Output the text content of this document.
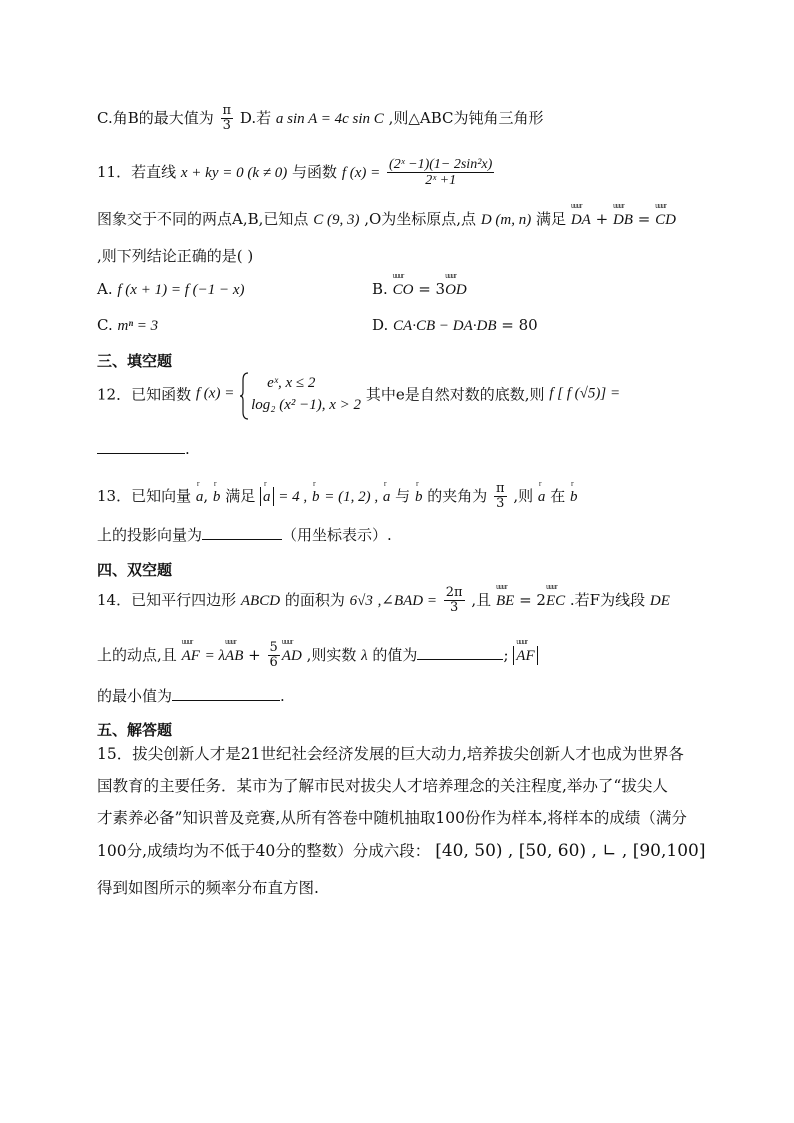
C.角B的最大值为 $\frac{\pi}{3} D$.若 a sin A = 4c sin C ,则△ABC为钝角三角形
11．若直线 x + ky = 0 (k ≠ 0) 与函数 f $(x) = \frac{\text{(2ˣ −1)(1− 2sin²x)}}{\text{2ˣ +1}}$
图象交于不同的两点A,B,已知点 C (9, 3) ,O为坐标原点,点 D (m, n) 满足 uuur DA + uuur DB = uuur CD
,则下列结论正确的是( )
A. f (x + 1) = f (−1 − x)	B. uuur CO = 3uuur OD
C. mⁿ = 3	D. CA·CB − DA·DB = 80
三、填空题
12．已知函数 f (x) =
eˣ, x ≤ 2
log₂ (x² −1), x > 2
其中e是自然对数的底数,则 f [ f (√5)] =
.
13．已知向量 r a, r b 满足 r a = 4 , r b = (1, 2) , r a 与 r b 的夹角为 $\frac{\pi}{3}$ ,则 r a 在 r b
上的投影向量为	（用坐标表示）.
四、双空题
14．已知平行四边形 ABCD 的面积为 6√3 ,∠BAD = $\frac{2\pi}{3}$ ,且 uuur BE = 2uuur EC .若F为线段 DE
上的动点,且 uuur AF = λuuur AB + $\frac{5}{6}$ uuur AD ,则实数 λ 的值为	; uuur AF
的最小值为	.
五、解答题
15．拔尖创新人才是21世纪社会经济发展的巨大动力,培养拔尖创新人才也成为世界各
国教育的主要任务．某市为了解市民对拔尖人才培养理念的关注程度,举办了“拔尖人
才素养必备”知识普及竞赛,从所有答卷中随机抽取100份作为样本,将样本的成绩（满分
100分,成绩均为不低于40分的整数）分成六段： [40, 50) , [50, 60) , ∟ , [90,100]
得到如图所示的频率分布直方图.
